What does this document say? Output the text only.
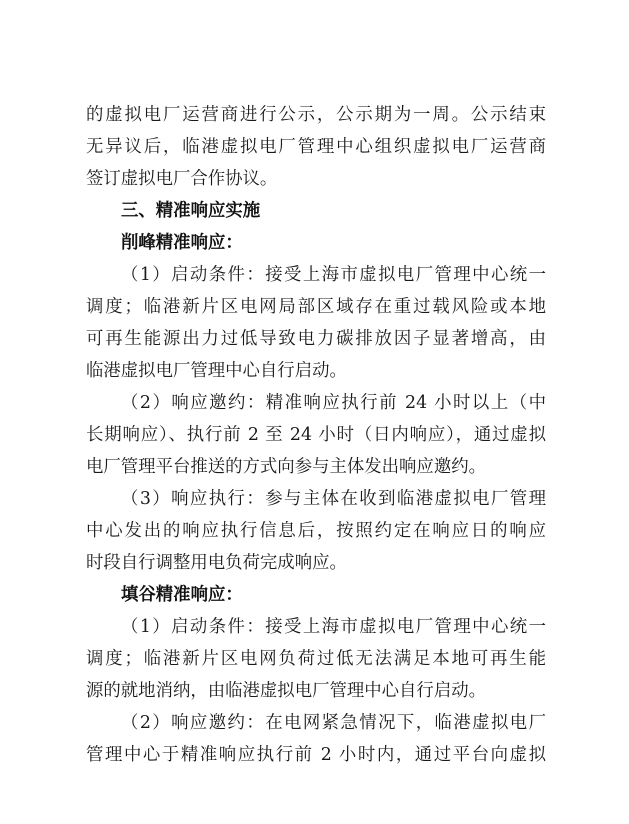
的虚拟电厂运营商进行公示，公示期为一周。公示结束

无异议后，临港虚拟电厂管理中心组织虚拟电厂运营商

签订虚拟电厂合作协议。

三、精准响应实施

削峰精准响应：

（1）启动条件：接受上海市虚拟电厂管理中心统一

调度；临港新片区电网局部区域存在重过载风险或本地

可再生能源出力过低导致电力碳排放因子显著增高，由

临港虚拟电厂管理中心自行启动。

（2）响应邀约：精准响应执行前 24 小时以上（中

长期响应）、执行前 2 至 24 小时（日内响应），通过虚拟

电厂管理平台推送的方式向参与主体发出响应邀约。

（3）响应执行：参与主体在收到临港虚拟电厂管理

中心发出的响应执行信息后，按照约定在响应日的响应

时段自行调整用电负荷完成响应。

填谷精准响应：

（1）启动条件：接受上海市虚拟电厂管理中心统一

调度；临港新片区电网负荷过低无法满足本地可再生能

源的就地消纳，由临港虚拟电厂管理中心自行启动。

（2）响应邀约：在电网紧急情况下，临港虚拟电厂

管理中心于精准响应执行前 2 小时内，通过平台向虚拟
